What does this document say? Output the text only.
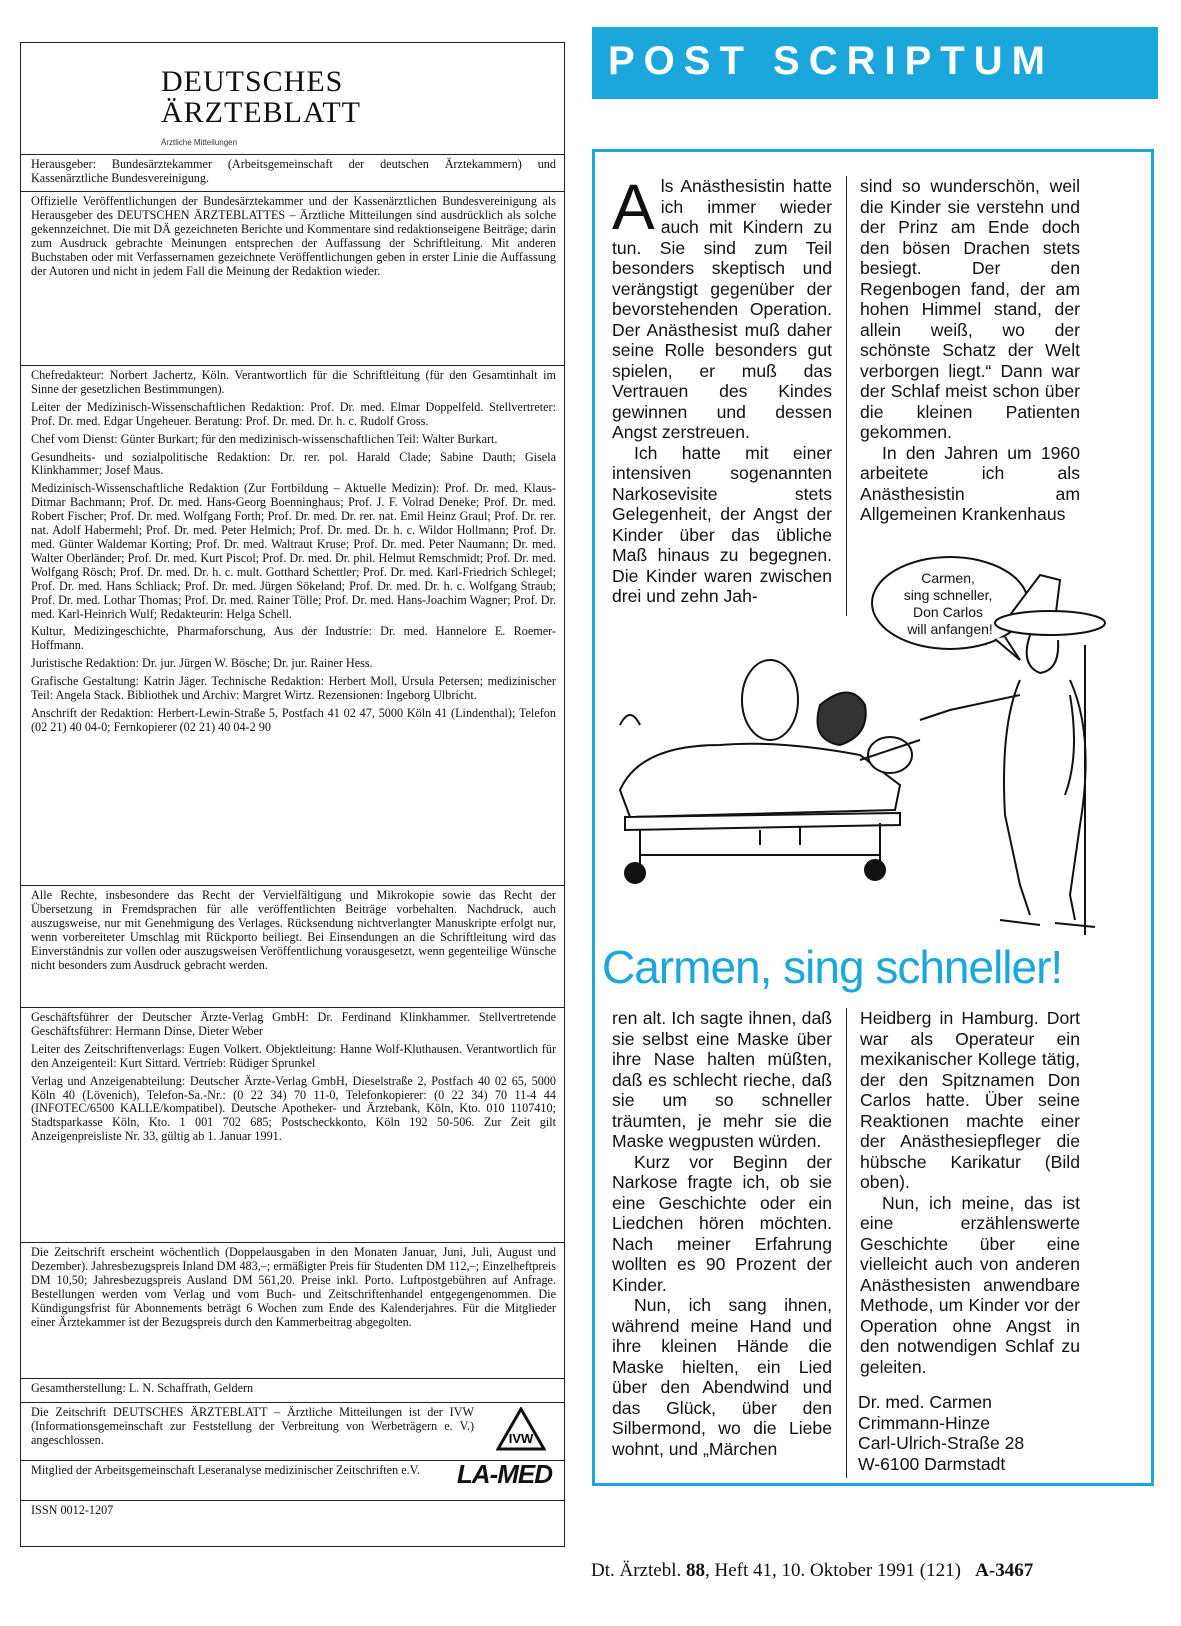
DEUTSCHES
ÄRZTEBLATT
Ärztliche Mitteilungen

Herausgeber: Bundesärztekammer (Arbeitsgemeinschaft der deutschen Ärztekammern) und Kassenärztliche Bundesvereinigung.

Offizielle Veröffentlichungen der Bundesärztekammer und der Kassenärztlichen Bundesvereinigung als Herausgeber des DEUTSCHEN ÄRZTEBLATTES – Ärztliche Mitteilungen sind ausdrücklich als solche gekennzeichnet. Die mit DÄ gezeichneten Berichte und Kommentare sind redaktionseigene Beiträge; darin zum Ausdruck gebrachte Meinungen entsprechen der Auffassung der Schriftleitung. Mit anderen Buchstaben oder mit Verfassernamen gezeichnete Veröffentlichungen geben in erster Linie die Auffassung der Autoren und nicht in jedem Fall die Meinung der Redaktion wieder.

Chefredakteur: Norbert Jachertz, Köln. Verantwortlich für die Schriftleitung (für den Gesamtinhalt im Sinne der gesetzlichen Bestimmungen).

Leiter der Medizinisch-Wissenschaftlichen Redaktion: Prof. Dr. med. Elmar Doppelfeld. Stellvertreter: Prof. Dr. med. Edgar Ungeheuer. Beratung: Prof. Dr. med. Dr. h. c. Rudolf Gross.

Chef vom Dienst: Günter Burkart; für den medizinisch-wissenschaftlichen Teil: Walter Burkart.

Gesundheits- und sozialpolitische Redaktion: Dr. rer. pol. Harald Clade; Sabine Dauth; Gisela Klinkhammer; Josef Maus.

Medizinisch-Wissenschaftliche Redaktion (Zur Fortbildung – Aktuelle Medizin): Prof. Dr. med. Klaus-Ditmar Bachmann; Prof. Dr. med. Hans-Georg Boenninghaus; Prof. J. F. Volrad Deneke; Prof. Dr. med. Robert Fischer; Prof. Dr. med. Wolfgang Forth; Prof. Dr. med. Dr. rer. nat. Emil Heinz Graul; Prof. Dr. rer. nat. Adolf Habermehl; Prof. Dr. med. Peter Helmich; Prof. Dr. med. Dr. h. c. Wildor Hollmann; Prof. Dr. med. Günter Waldemar Korting; Prof. Dr. med. Waltraut Kruse; Prof. Dr. med. Peter Naumann; Dr. med. Walter Oberländer; Prof. Dr. med. Kurt Piscol; Prof. Dr. med. Dr. phil. Helmut Remschmidt; Prof. Dr. med. Wolfgang Rösch; Prof. Dr. med. Dr. h. c. mult. Gotthard Schettler; Prof. Dr. med. Karl-Friedrich Schlegel; Prof. Dr. med. Hans Schliack; Prof. Dr. med. Jürgen Sökeland; Prof. Dr. med. Dr. h. c. Wolfgang Straub; Prof. Dr. med. Lothar Thomas; Prof. Dr. med. Rainer Tölle; Prof. Dr. med. Hans-Joachim Wagner; Prof. Dr. med. Karl-Heinrich Wulf; Redakteurin: Helga Schell.

Kultur, Medizingeschichte, Pharmaforschung, Aus der Industrie: Dr. med. Hannelore E. Roemer-Hoffmann.

Juristische Redaktion: Dr. jur. Jürgen W. Bösche; Dr. jur. Rainer Hess.

Grafische Gestaltung: Katrin Jäger. Technische Redaktion: Herbert Moll, Ursula Petersen; medizinischer Teil: Angela Stack. Bibliothek und Archiv: Margret Wirtz. Rezensionen: Ingeborg Ulbricht.

Anschrift der Redaktion: Herbert-Lewin-Straße 5, Postfach 41 02 47, 5000 Köln 41 (Lindenthal); Telefon (02 21) 40 04-0; Fernkopierer (02 21) 40 04-2 90

Alle Rechte, insbesondere das Recht der Vervielfältigung und Mikrokopie sowie das Recht der Übersetzung in Fremdsprachen für alle veröffentlichten Beiträge vorbehalten. Nachdruck, auch auszugsweise, nur mit Genehmigung des Verlages. Rücksendung nichtverlangter Manuskripte erfolgt nur, wenn vorbereiteter Umschlag mit Rückporto beiliegt. Bei Einsendungen an die Schriftleitung wird das Einverständnis zur vollen oder auszugsweisen Veröffentlichung vorausgesetzt, wenn gegenteilige Wünsche nicht besonders zum Ausdruck gebracht werden.

Geschäftsführer der Deutscher Ärzte-Verlag GmbH: Dr. Ferdinand Klinkhammer. Stellvertretende Geschäftsführer: Hermann Dinse, Dieter Weber

Leiter des Zeitschriftenverlags: Eugen Volkert. Objektleitung: Hanne Wolf-Kluthausen. Verantwortlich für den Anzeigenteil: Kurt Sittard. Vertrieb: Rüdiger Sprunkel

Verlag und Anzeigenabteilung: Deutscher Ärzte-Verlag GmbH, Dieselstraße 2, Postfach 40 02 65, 5000 Köln 40 (Lövenich), Telefon-Sa.-Nr.: (0 22 34) 70 11-0, Telefonkopierer: (0 22 34) 70 11-4 44 (INFOTEC/6500 KALLE/kompatibel). Deutsche Apotheker- und Ärztebank, Köln, Kto. 010 1107410; Stadtsparkasse Köln, Kto. 1 001 702 685; Postscheckkonto, Köln 192 50-506. Zur Zeit gilt Anzeigenpreisliste Nr. 33, gültig ab 1. Januar 1991.

Die Zeitschrift erscheint wöchentlich (Doppelausgaben in den Monaten Januar, Juni, Juli, August und Dezember). Jahresbezugspreis Inland DM 483,–; ermäßigter Preis für Studenten DM 112,–; Einzelheftpreis DM 10,50; Jahresbezugspreis Ausland DM 561,20. Preise inkl. Porto. Luftpostgebühren auf Anfrage. Bestellungen werden vom Verlag und vom Buch- und Zeitschriftenhandel entgegengenommen. Die Kündigungsfrist für Abonnements beträgt 6 Wochen zum Ende des Kalenderjahres. Für die Mitglieder einer Ärztekammer ist der Bezugspreis durch den Kammerbeitrag abgegolten.

Gesamtherstellung: L. N. Schaffrath, Geldern

Die Zeitschrift DEUTSCHES ÄRZTEBLATT – Ärztliche Mitteilungen ist der IVW (Informationsgemeinschaft zur Feststellung der Verbreitung von Werbeträgern e. V.) angeschlossen.	IVW

Mitglied der Arbeitsgemeinschaft Leseranalyse medizinischer Zeitschriften e.V.	LA-MED

ISSN 0012-1207

POST SCRIPTUM

Als Anästhesistin hatte ich immer wieder auch mit Kindern zu tun. Sie sind zum Teil besonders skeptisch und verängstigt gegenüber der bevorstehenden Operation. Der Anästhesist muß daher seine Rolle besonders gut spielen, er muß das Vertrauen des Kindes gewinnen und dessen Angst zerstreuen.

Ich hatte mit einer intensiven sogenannten Narkosevisite stets Gelegenheit, der Angst der Kinder über das übliche Maß hinaus zu begegnen. Die Kinder waren zwischen drei und zehn Jah-

sind so wunderschön, weil die Kinder sie verstehn und der Prinz am Ende doch den bösen Drachen stets besiegt. Der den Regenbogen fand, der am hohen Himmel stand, der allein weiß, wo der schönste Schatz der Welt verborgen liegt.“ Dann war der Schlaf meist schon über die kleinen Patienten gekommen.

In den Jahren um 1960 arbeitete ich als Anästhesistin am Allgemeinen Krankenhaus

Carmen, sing schneller, Don Carlos will anfangen!
Carmen, sing schneller!

ren alt. Ich sagte ihnen, daß sie selbst eine Maske über ihre Nase halten müßten, daß es schlecht rieche, daß sie um so schneller träumten, je mehr sie die Maske wegpusten würden.

Kurz vor Beginn der Narkose fragte ich, ob sie eine Geschichte oder ein Liedchen hören möchten. Nach meiner Erfahrung wollten es 90 Prozent der Kinder.

Nun, ich sang ihnen, während meine Hand und ihre kleinen Hände die Maske hielten, ein Lied über den Abendwind und das Glück, über den Silbermond, wo die Liebe wohnt, und „Märchen

Heidberg in Hamburg. Dort war als Operateur ein mexikanischer Kollege tätig, der den Spitznamen Don Carlos hatte. Über seine Reaktionen machte einer der Anästhesiepfleger die hübsche Karikatur (Bild oben).

Nun, ich meine, das ist eine erzählenswerte Geschichte über eine vielleicht auch von anderen Anästhesisten anwendbare Methode, um Kinder vor der Operation ohne Angst in den notwendigen Schlaf zu geleiten.

Dr. med. Carmen
Crimmann-Hinze
Carl-Ulrich-Straße 28
W-6100 Darmstadt
Dt. Ärztebl. 88, Heft 41, 10. Oktober 1991 (121) A-3467
